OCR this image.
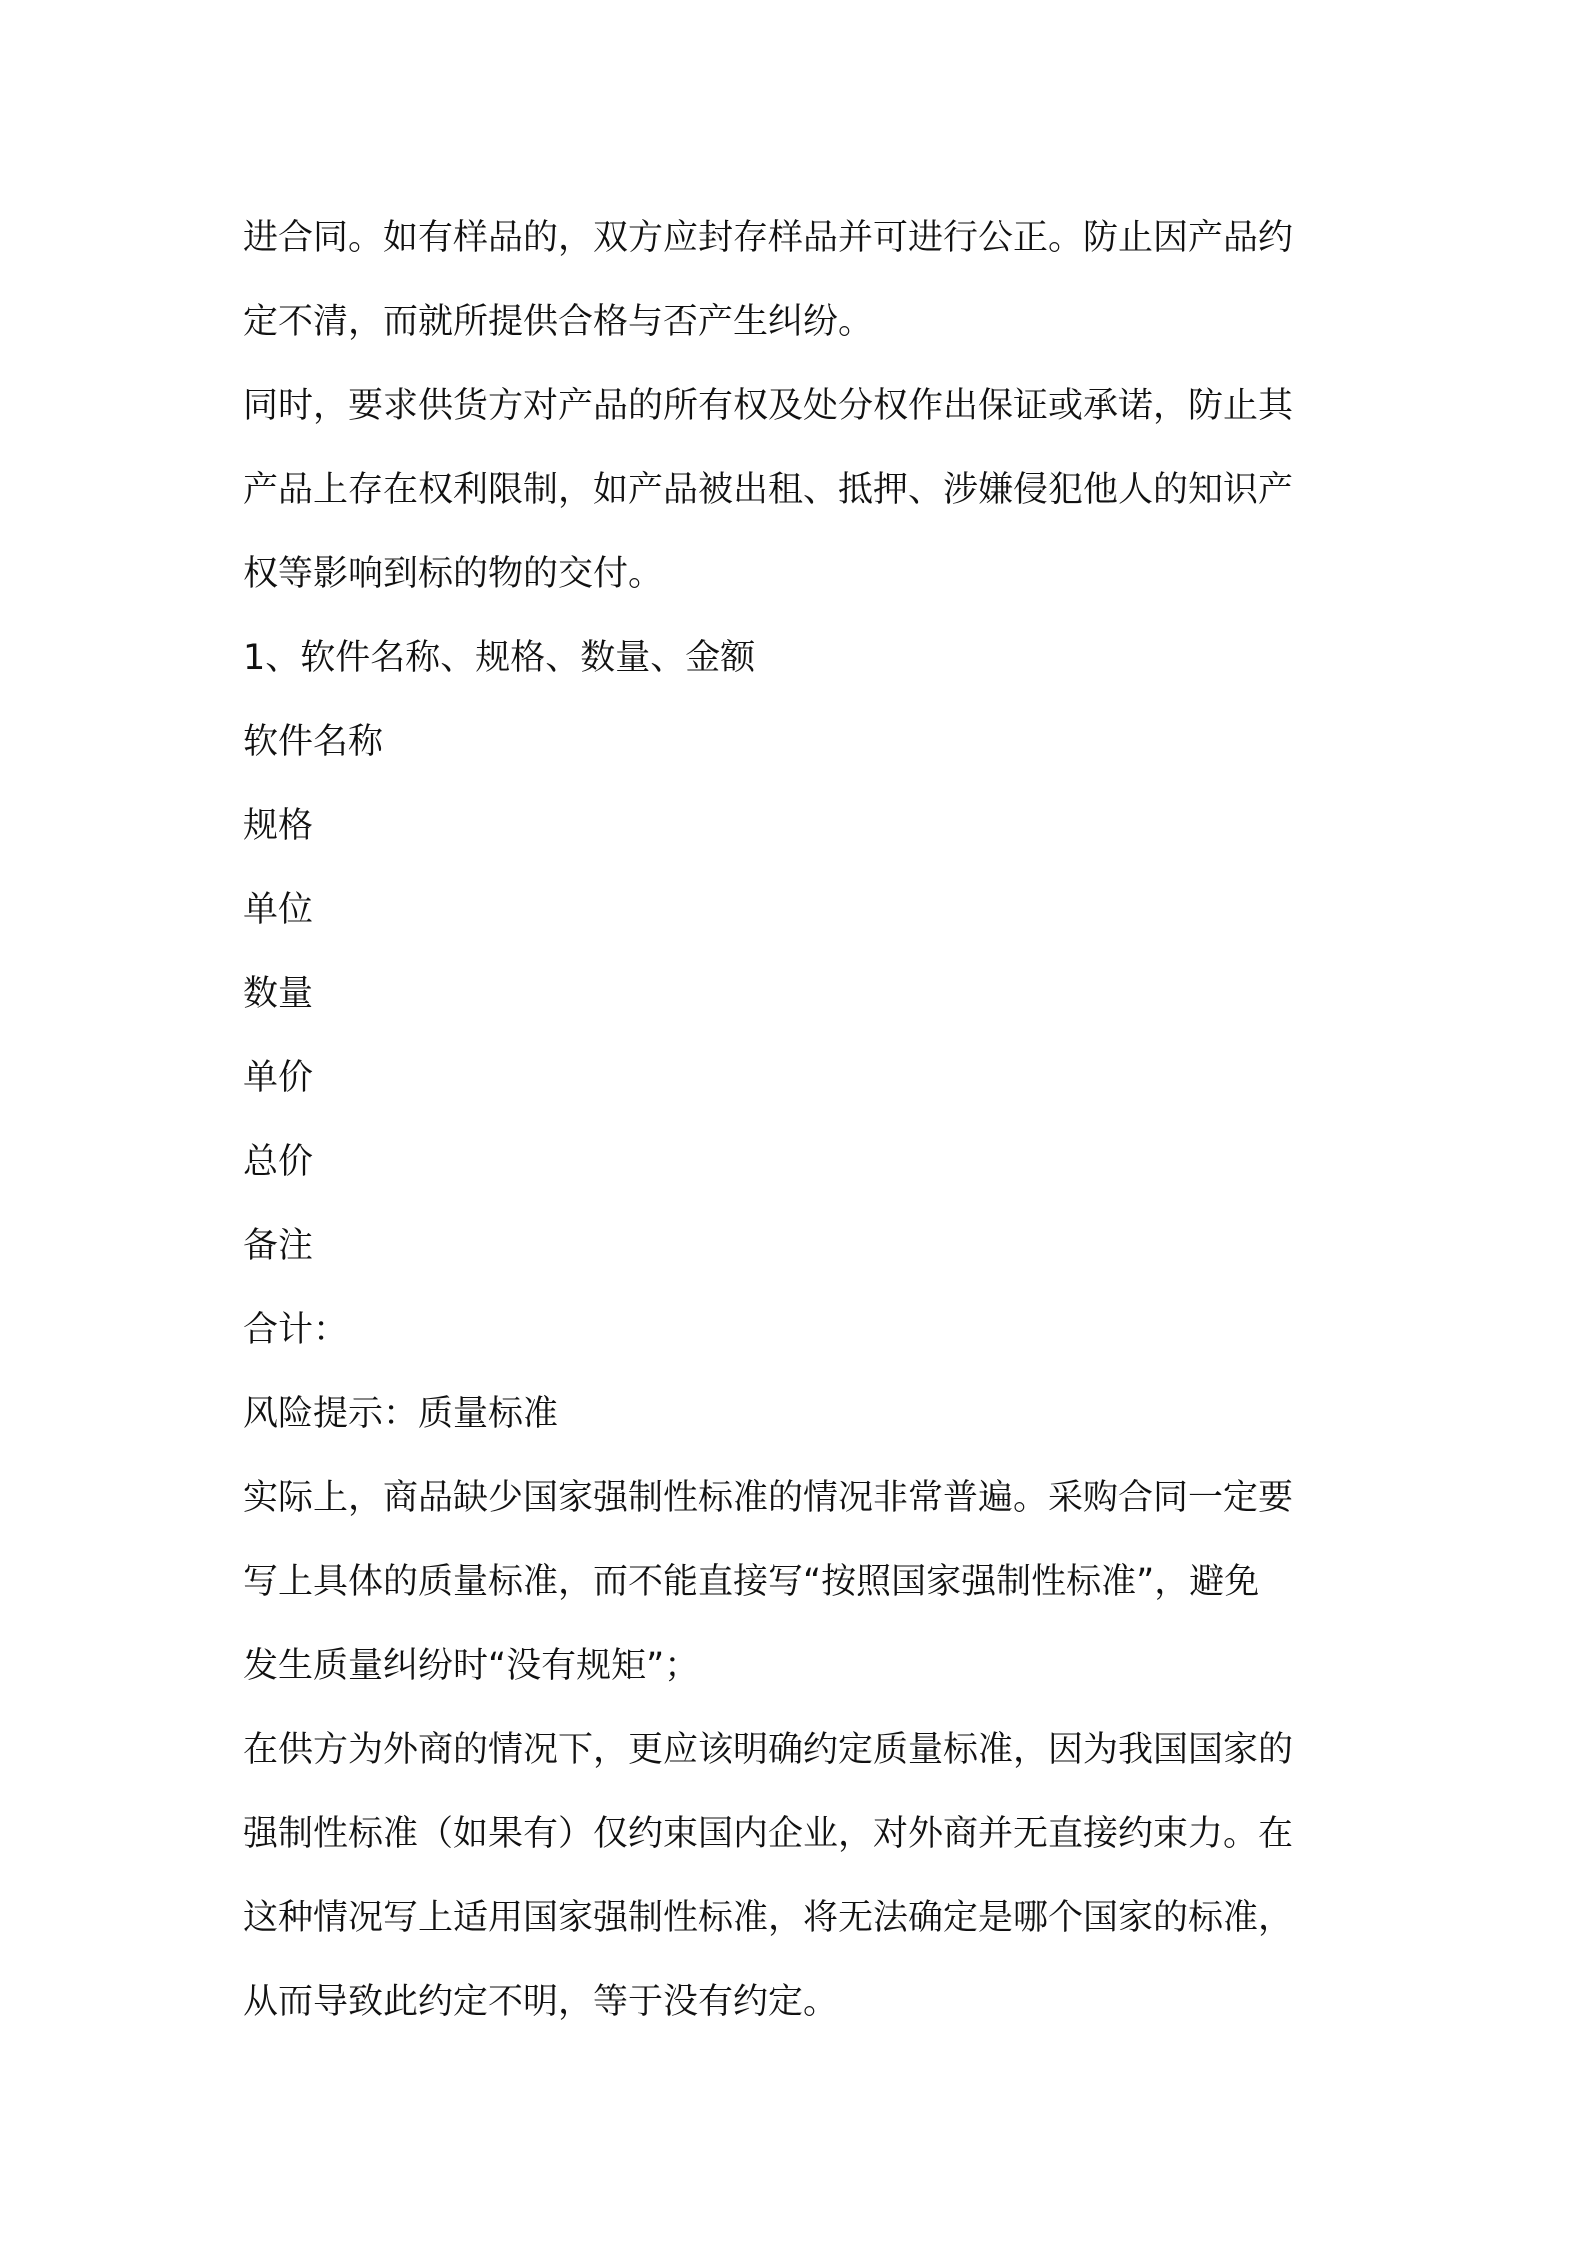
进合同。如有样品的，双方应封存样品并可进行公正。防止因产品约

定不清，而就所提供合格与否产生纠纷。

同时，要求供货方对产品的所有权及处分权作出保证或承诺，防止其

产品上存在权利限制，如产品被出租、抵押、涉嫌侵犯他人的知识产

权等影响到标的物的交付。

1、软件名称、规格、数量、金额

软件名称

规格

单位

数量

单价

总价

备注

合计：

风险提示：质量标准

实际上，商品缺少国家强制性标准的情况非常普遍。采购合同一定要

写上具体的质量标准，而不能直接写“按照国家强制性标准”，避免

发生质量纠纷时“没有规矩”；

在供方为外商的情况下，更应该明确约定质量标准，因为我国国家的

强制性标准（如果有）仅约束国内企业，对外商并无直接约束力。在

这种情况写上适用国家强制性标准，将无法确定是哪个国家的标准，

从而导致此约定不明，等于没有约定。
